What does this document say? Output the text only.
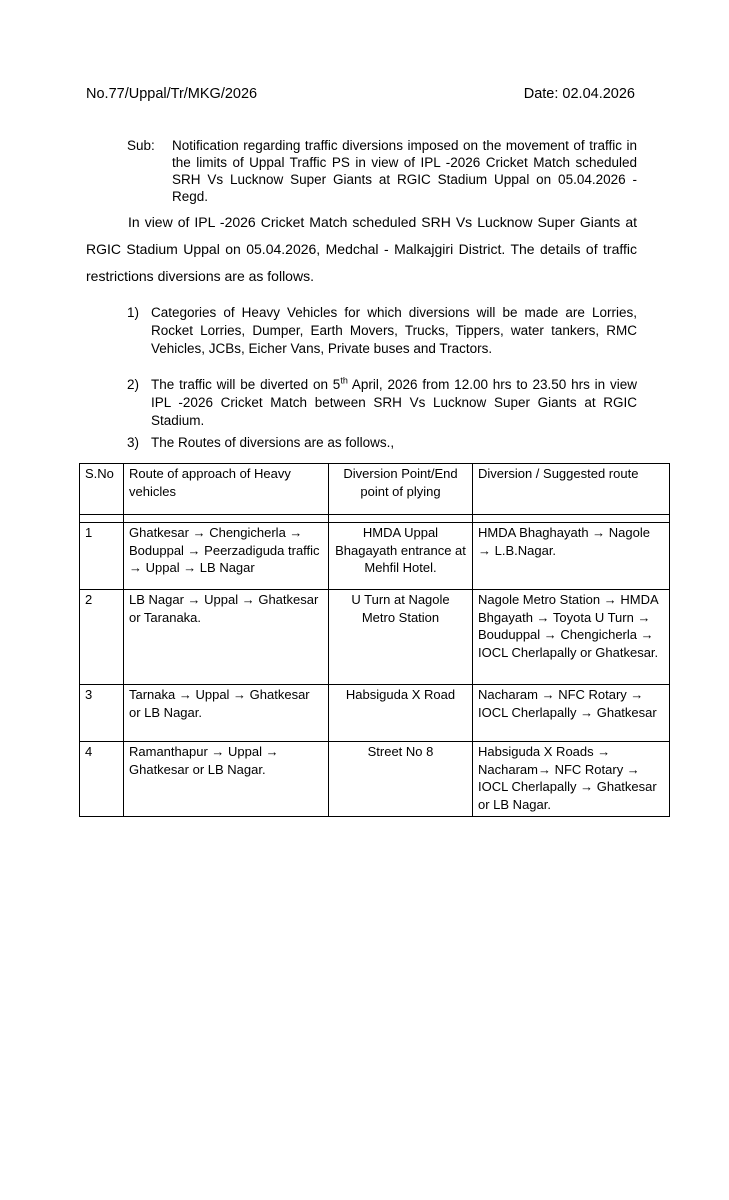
No.77/Uppal/Tr/MKG/2026	Date: 02.04.2026
Sub: Notification regarding traffic diversions imposed on the movement of traffic in the limits of Uppal Traffic PS in view of IPL -2026 Cricket Match scheduled SRH Vs Lucknow Super Giants at RGIC Stadium Uppal on 05.04.2026 - Regd.

In view of IPL -2026 Cricket Match scheduled SRH Vs Lucknow Super Giants at RGIC Stadium Uppal on 05.04.2026, Medchal - Malkajgiri District. The details of traffic restrictions diversions are as follows.

1) Categories of Heavy Vehicles for which diversions will be made are Lorries, Rocket Lorries, Dumper, Earth Movers, Trucks, Tippers, water tankers, RMC Vehicles, JCBs, Eicher Vans, Private buses and Tractors.
2) The traffic will be diverted on 5th April, 2026 from 12.00 hrs to 23.50 hrs in view IPL -2026 Cricket Match between SRH Vs Lucknow Super Giants at RGIC Stadium.
3) The Routes of diversions are as follows.,
S.No	Route of approach of Heavy vehicles	Diversion Point/End point of plying	Diversion / Suggested route

1	Ghatkesar → Chengicherla → Boduppal → Peerzadiguda traffic → Uppal → LB Nagar	HMDA Uppal Bhagayath entrance at Mehfil Hotel.	HMDA Bhaghayath → Nagole → L.B.Nagar.
2	LB Nagar → Uppal → Ghatkesar or Taranaka.	U Turn at Nagole Metro Station	Nagole Metro Station → HMDA Bhgayath → Toyota U Turn → Bouduppal → Chengicherla → IOCL Cherlapally or Ghatkesar.
3	Tarnaka → Uppal → Ghatkesar or LB Nagar.	Habsiguda X Road	Nacharam → NFC Rotary → IOCL Cherlapally → Ghatkesar
4	Ramanthapur → Uppal → Ghatkesar or LB Nagar.	Street No 8	Habsiguda X Roads → Nacharam→ NFC Rotary → IOCL Cherlapally → Ghatkesar or LB Nagar.
